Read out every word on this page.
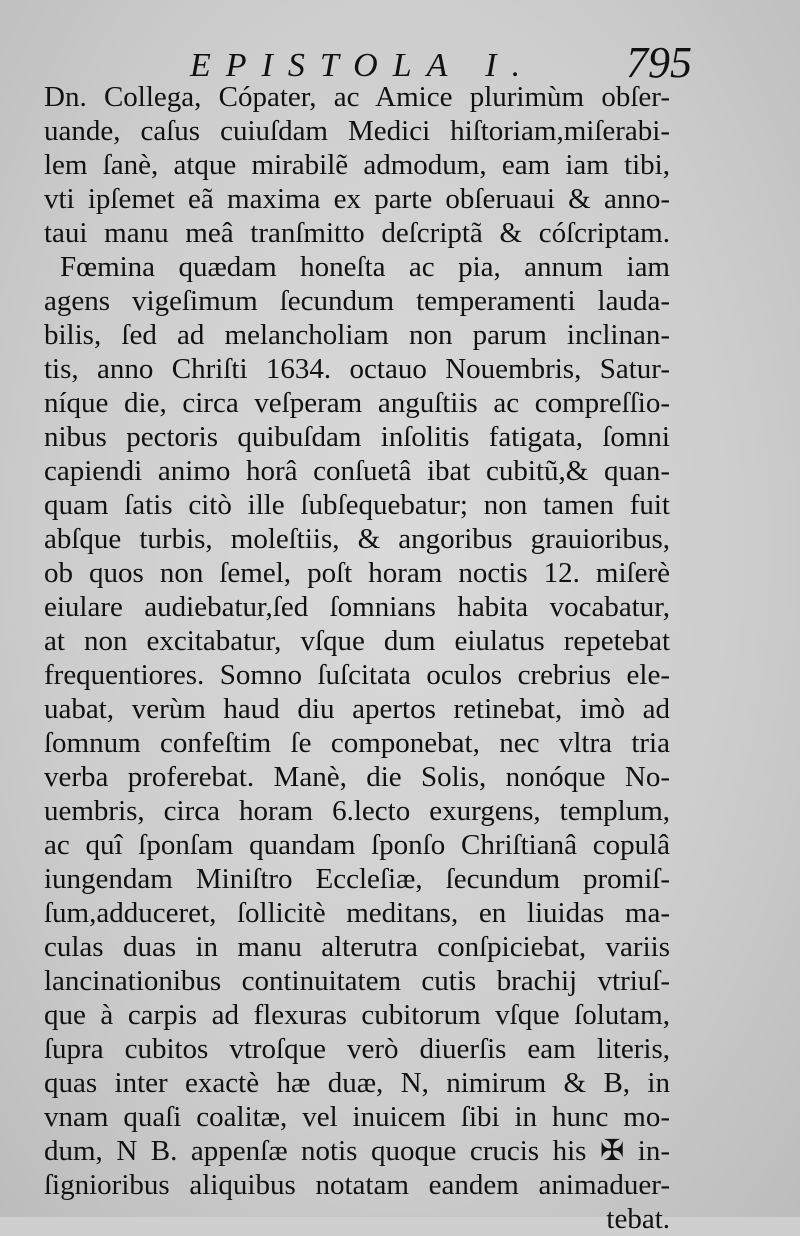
EPISTOLA I. 795
Dn. Collega, Cópater, ac Amice plurimùm obſer-
uande, caſus cuiuſdam Medici hiſtoriam,miſerabi-
lem ſanè, atque mirabilẽ admodum, eam iam tibi,
vti ipſemet eã maxima ex parte obſeruaui & anno-
taui manu meâ tranſmitto deſcriptã & cóſcriptam.
Fœmina quædam honeſta ac pia, annum iam
agens vigeſimum ſecundum temperamenti lauda-
bilis, ſed ad melancholiam non parum inclinan-
tis, anno Chriſti 1634. octauo Nouembris, Satur-
níque die, circa veſperam anguſtiis ac compreſſio-
nibus pectoris quibuſdam inſolitis fatigata, ſomni
capiendi animo horâ conſuetâ ibat cubitũ,& quan-
quam ſatis citò ille ſubſequebatur; non tamen fuit
abſque turbis, moleſtiis, & angoribus grauioribus,
ob quos non ſemel, poſt horam noctis 12. miſerè
eiulare audiebatur,ſed ſomnians habita vocabatur,
at non excitabatur, vſque dum eiulatus repetebat
frequentiores. Somno ſuſcitata oculos crebrius ele-
uabat, verùm haud diu apertos retinebat, imò ad
ſomnum confeſtim ſe componebat, nec vltra tria
verba proferebat. Manè, die Solis, nonóque No-
uembris, circa horam 6.lecto exurgens, templum,
ac quî ſponſam quandam ſponſo Chriſtianâ copulâ
iungendam Miniſtro Eccleſiæ, ſecundum promiſ-
ſum,adduceret, ſollicitè meditans, en liuidas ma-
culas duas in manu alterutra conſpiciebat, variis
lancinationibus continuitatem cutis brachij vtriuſ-
que à carpis ad flexuras cubitorum vſque ſolutam,
ſupra cubitos vtroſque verò diuerſis eam literis,
quas inter exactè hæ duæ, N, nimirum & B, in
vnam quaſi coalitæ, vel inuicem ſibi in hunc mo-
dum, N B. appenſæ notis quoque crucis his ✠ in-
ſignioribus aliquibus notatam eandem animaduer-
tebat.
